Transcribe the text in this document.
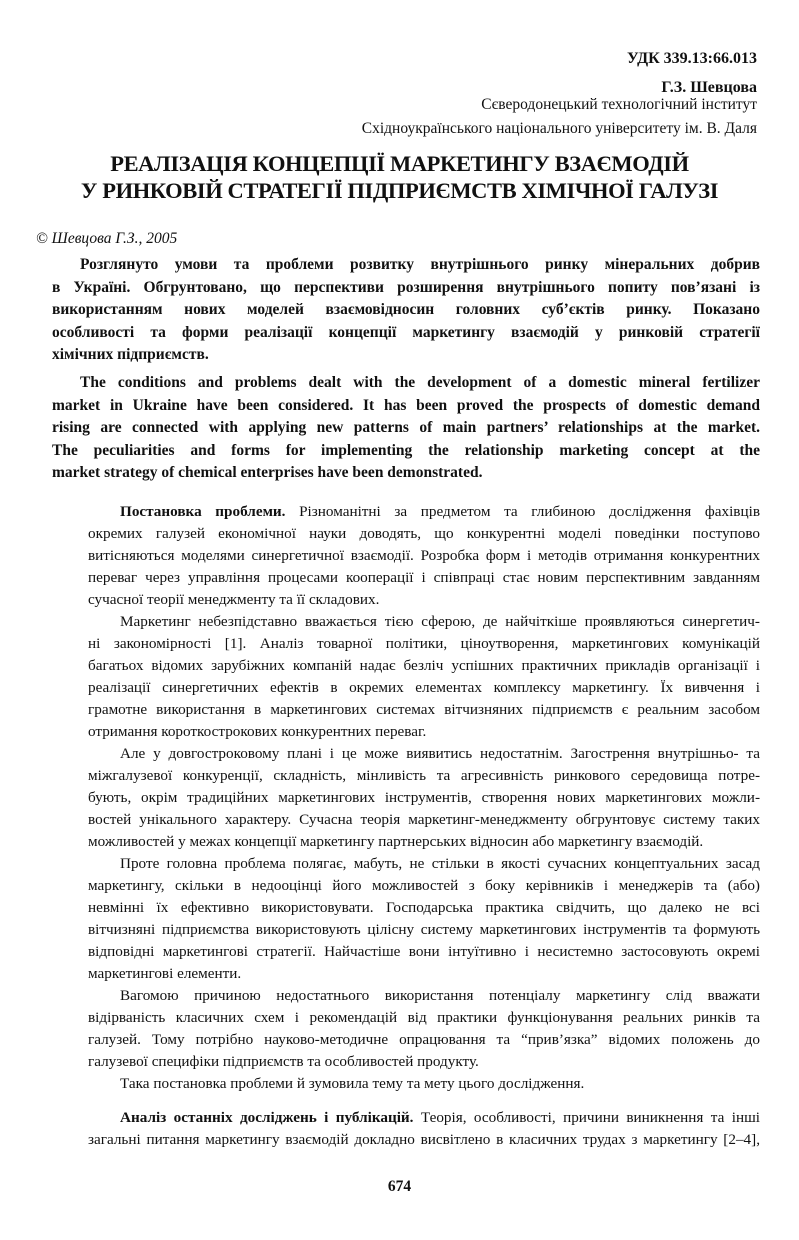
УДК 339.13:66.013
Г.З. Шевцова
Сєверодонецький технологічний інститут
Східноукраїнського національного університету ім. В. Даля
РЕАЛІЗАЦІЯ КОНЦЕПЦІЇ МАРКЕТИНГУ ВЗАЄМОДІЙ
У РИНКОВІЙ СТРАТЕГІЇ ПІДПРИЄМСТВ ХІМІЧНОЇ ГАЛУЗІ
© Шевцова Г.З., 2005
Розглянуто умови та проблеми розвитку внутрішнього ринку мінеральних добрив
в Україні. Обгрунтовано, що перспективи розширення внутрішнього попиту пов’язані із
використанням нових моделей взаємовідносин головних суб’єктів ринку. Показано
особливості та форми реалізації концепції маркетингу взаємодій у ринковій стратегії
хімічних підприємств.
The conditions and problems dealt with the development of a domestic mineral fertilizer
market in Ukraine have been considered. It has been proved the prospects of domestic demand
rising are connected with applying new patterns of main partners’ relationships at the market.
The peculiarities and forms for implementing the relationship marketing concept at the
market strategy of chemical enterprises have been demonstrated.
Постановка проблеми. Різноманітні за предметом та глибиною дослідження фахівців
окремих галузей економічної науки доводять, що конкурентні моделі поведінки поступово
витісняються моделями синергетичної взаємодії. Розробка форм і методів отримання конкурентних
переваг через управління процесами кооперації і співпраці стає новим перспективним завданням
сучасної теорії менеджменту та її складових.
Маркетинг небезпідставно вважається тією сферою, де найчіткіше проявляються синергетич-
ні закономірності [1]. Аналіз товарної політики, ціноутворення, маркетингових комунікацій
багатьох відомих зарубіжних компаній надає безліч успішних практичних прикладів організації і
реалізації синергетичних ефектів в окремих елементах комплексу маркетингу. Їх вивчення і
грамотне використання в маркетингових системах вітчизняних підприємств є реальним засобом
отримання короткострокових конкурентних переваг.
Але у довгостроковому плані і це може виявитись недостатнім. Загострення внутрішньо- та
міжгалузевої конкуренції, складність, мінливість та агресивність ринкового середовища потре-
бують, окрім традиційних маркетингових інструментів, створення нових маркетингових можли-
востей унікального характеру. Сучасна теорія маркетинг-менеджменту обгрунтовує систему таких
можливостей у межах концепції маркетингу партнерських відносин або маркетингу взаємодій.
Проте головна проблема полягає, мабуть, не стільки в якості сучасних концептуальних засад
маркетингу, скільки в недооцінці його можливостей з боку керівників і менеджерів та (або)
невмінні їх ефективно використовувати. Господарська практика свідчить, що далеко не всі
вітчизняні підприємства використовують цілісну систему маркетингових інструментів та формують
відповідні маркетингові стратегії. Найчастіше вони інтуїтивно і несистемно застосовують окремі
маркетингові елементи.
Вагомою причиною недостатнього використання потенціалу маркетингу слід вважати
відірваність класичних схем і рекомендацій від практики функціонування реальних ринків та
галузей. Тому потрібно науково-методичне опрацювання та “прив’язка” відомих положень до
галузевої специфіки підприємств та особливостей продукту.
Така постановка проблеми й зумовила тему та мету цього дослідження.
Аналіз останніх досліджень і публікацій. Теорія, особливості, причини виникнення та інші
загальні питання маркетингу взаємодій докладно висвітлено в класичних трудах з маркетингу [2–4],
674
